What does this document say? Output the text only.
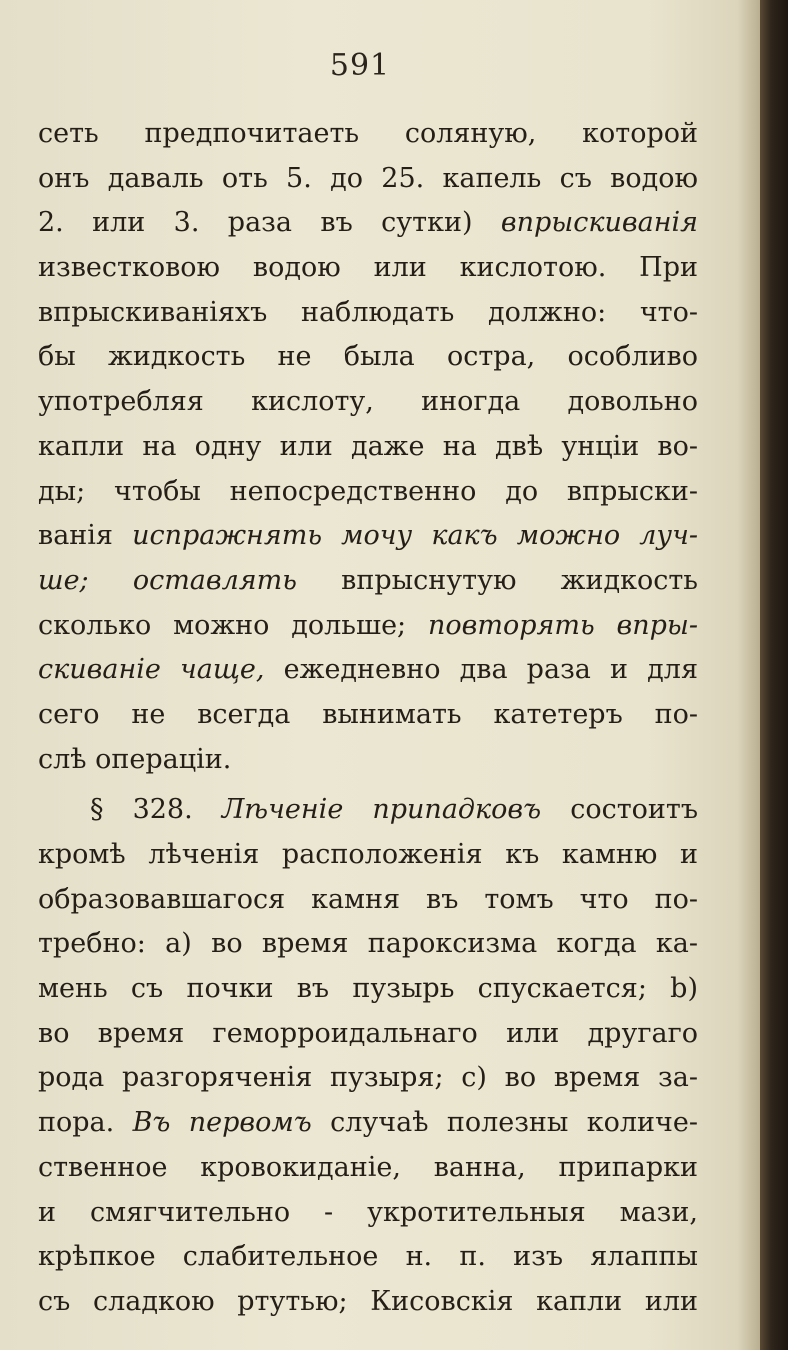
591
сеть предпочитаеть соляную, которой
онъ даваль оть 5. до 25. капель съ водою
2. или 3. раза въ сутки) впрыскиванія
известковою водою или кислотою. При
впрыскиваніяхъ наблюдать должно: что-
бы жидкость не была остра, особливо
употребляя кислоту, иногда довольно
капли на одну или даже на двѣ унціи во-
ды; чтобы непосредственно до впрыски-
ванія испражнять мочу какъ можно луч-
ше; оставлять впрыснутую жидкость
сколько можно дольше; повторять впры-
скиваніе чаще, ежедневно два раза и для
сего не всегда вынимать катетеръ по-
слѣ операціи.
§ 328. Лѣченіе припадковъ состоитъ
кромѣ лѣченія расположенія къ камню и
образовавшагося камня въ томъ что по-
требно: а) во время пароксизма когда ка-
мень съ почки въ пузырь спускается; b)
во время геморроидальнаго или другаго
рода разгоряченія пузыря; c) во время за-
пора. Въ первомъ случаѣ полезны количе-
ственное кровокиданіе, ванна, припарки
и смягчительно - укротительныя мази,
крѣпкое слабительное н. п. изъ ялаппы
съ сладкою ртутью; Кисовскія капли или
